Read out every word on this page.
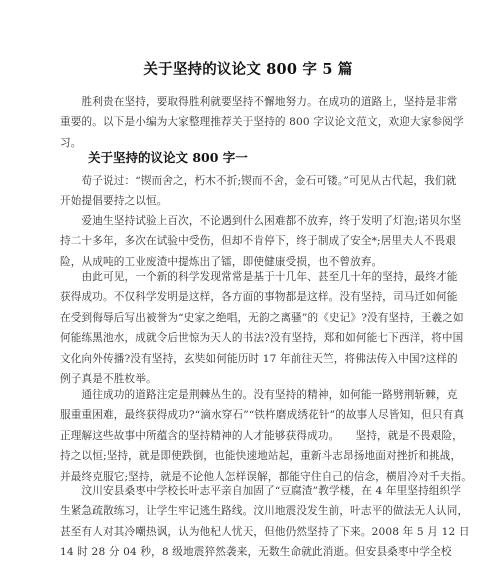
关于坚持的议论文 800 字 5 篇
　　胜利贵在坚持，要取得胜利就要坚持不懈地努力。在成功的道路上，坚持是非常
重要的。以下是小编为大家整理推荐关于坚持的 800 字议论文范文，欢迎大家参阅学
习。
关于坚持的议论文 800 字一
　　荀子说过：“锲而舍之，朽木不折;锲而不舍，金石可镂。”可见从古代起，我们就
开始提倡要持之以恒。
　　爱迪生坚持试验上百次，不论遇到什么困难都不放弃，终于发明了灯泡;诺贝尔坚
持二十多年，多次在试验中受伤，但却不肯停下，终于制成了安全*;居里夫人不畏艰
险，从成吨的工业废渣中提炼出了镭，即使健康受损，也不曾放弃。
　　由此可见，一个新的科学发现常常是基于十几年、甚至几十年的坚持，最终才能
获得成功。不仅科学发明是这样，各方面的事物都是这样。没有坚持，司马迁如何能
在受到侮辱后写出被誉为“史家之绝唱，无韵之离骚”的《史记》?没有坚持，王羲之如
何能练黑池水，成就令后世惊为天人的书法?没有坚持，郑和如何能七下西洋，将中国
文化向外传播?没有坚持，玄奘如何能历时 17 年前往天竺，将佛法传入中国?这样的
例子真是不胜枚举。
　　通往成功的道路注定是荆棘丛生的。没有坚持的精神，如何能一路劈荆斩棘，克
服重重困难，最终获得成功?“滴水穿石”“铁杵磨成绣花针”的故事人尽皆知，但只有真
正理解这些故事中所蕴含的坚持精神的人才能够获得成功。　　坚持，就是不畏艰险，
持之以恒;坚持，就是即使跌倒，也能快速地站起，重新斗志昂扬地面对挫折和挑战，
并最终克服它;坚持，就是不论他人怎样误解，都能守住自己的信念，横眉冷对千夫指。
　　汶川安县桑枣中学校长叶志平亲自加固了“豆腐渣”教学楼，在 4 年里坚持组织学
生紧急疏散练习，让学生牢记逃生路线。汶川地震没发生前，叶志平的做法无人认同，
甚至有人对其冷嘲热讽，认为他杞人忧天，但他仍然坚持了下来。2008 年 5 月 12 日
14 时 28 分 04 秒，8 级地震猝然袭来，无数生命就此消逝。但安县桑枣中学全校
